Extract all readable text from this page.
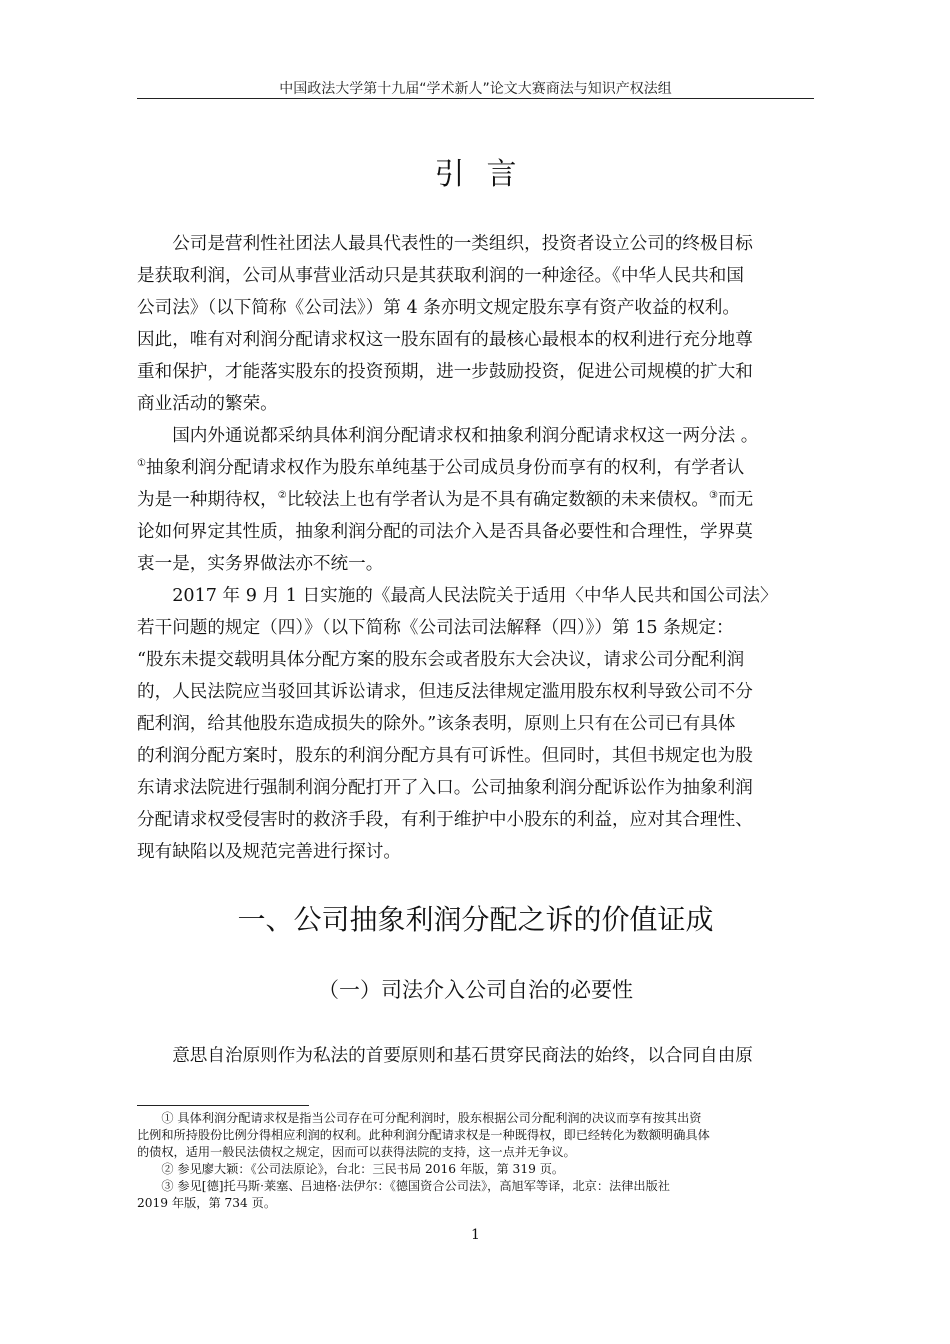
中国政法大学第十九届“学术新人”论文大赛商法与知识产权法组
引言
　　公司是营利性社团法人最具代表性的一类组织，投资者设立公司的终极目标
是获取利润，公司从事营业活动只是其获取利润的一种途径。《中华人民共和国
公司法》（以下简称《公司法》）第 4 条亦明文规定股东享有资产收益的权利。
因此，唯有对利润分配请求权这一股东固有的最核心最根本的权利进行充分地尊
重和保护，才能落实股东的投资预期，进一步鼓励投资，促进公司规模的扩大和
商业活动的繁荣。
　　国内外通说都采纳具体利润分配请求权和抽象利润分配请求权这一两分法 。
①抽象利润分配请求权作为股东单纯基于公司成员身份而享有的权利，有学者认
为是一种期待权，②比较法上也有学者认为是不具有确定数额的未来债权。③而无
论如何界定其性质，抽象利润分配的司法介入是否具备必要性和合理性，学界莫
衷一是，实务界做法亦不统一。
　　2017 年 9 月 1 日实施的《最高人民法院关于适用〈中华人民共和国公司法〉
若干问题的规定（四）》（以下简称《公司法司法解释（四）》）第 15 条规定：
“股东未提交载明具体分配方案的股东会或者股东大会决议，请求公司分配利润
的，人民法院应当驳回其诉讼请求，但违反法律规定滥用股东权利导致公司不分
配利润，给其他股东造成损失的除外。”该条表明，原则上只有在公司已有具体
的利润分配方案时，股东的利润分配方具有可诉性。但同时，其但书规定也为股
东请求法院进行强制利润分配打开了入口。公司抽象利润分配诉讼作为抽象利润
分配请求权受侵害时的救济手段，有利于维护中小股东的利益，应对其合理性、
现有缺陷以及规范完善进行探讨。
一、公司抽象利润分配之诉的价值证成
（一）司法介入公司自治的必要性
　　意思自治原则作为私法的首要原则和基石贯穿民商法的始终，以合同自由原
　　① 具体利润分配请求权是指当公司存在可分配利润时，股东根据公司分配利润的决议而享有按其出资
比例和所持股份比例分得相应利润的权利。此种利润分配请求权是一种既得权，即已经转化为数额明确具体
的债权，适用一般民法债权之规定，因而可以获得法院的支持，这一点并无争议。
　　② 参见廖大颖：《公司法原论》，台北：三民书局 2016 年版，第 319 页。
　　③ 参见[德]托马斯·莱塞、吕迪格·法伊尔：《德国资合公司法》，高旭军等译，北京：法律出版社
2019 年版，第 734 页。
1
